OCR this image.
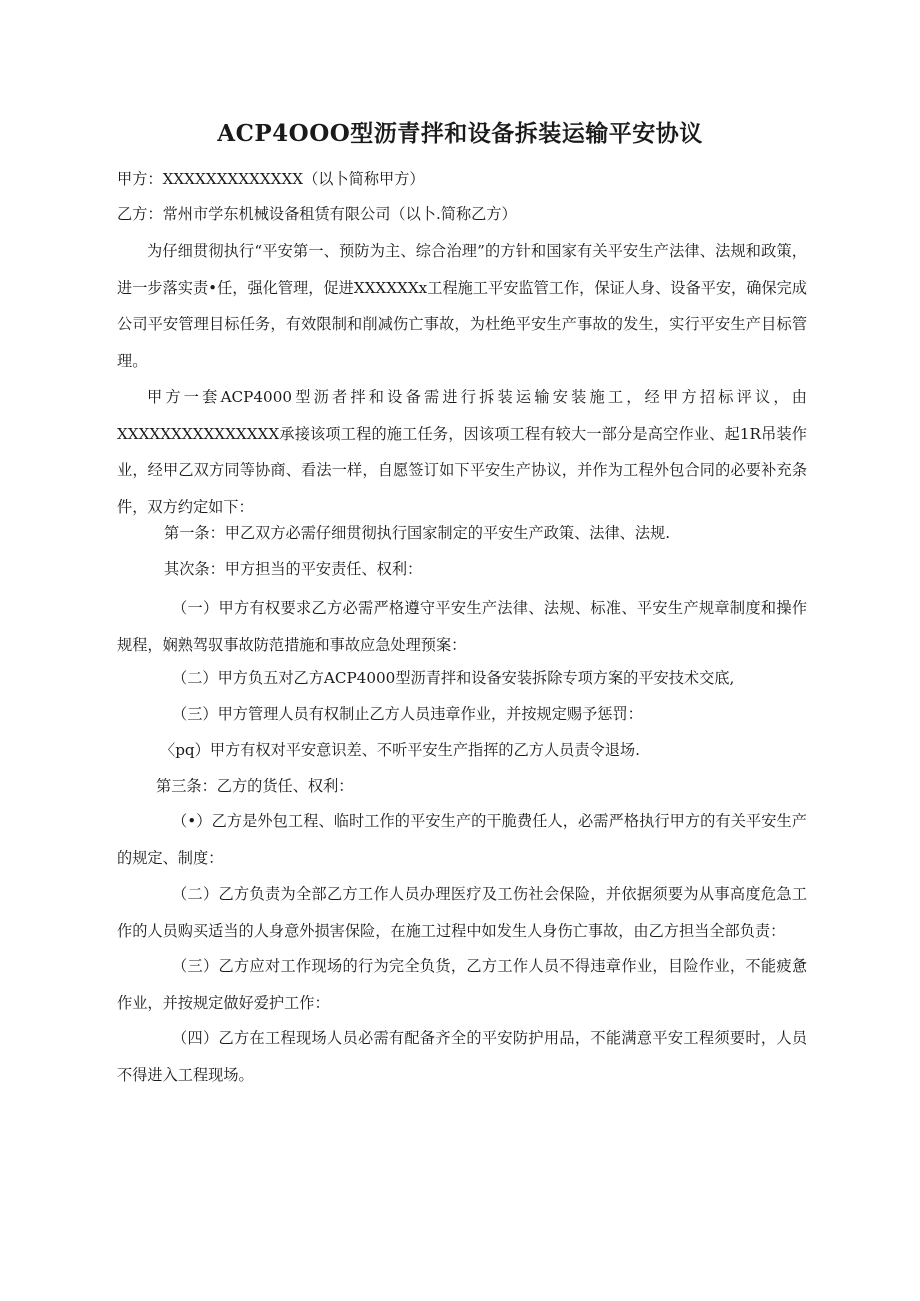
ACP4OOO型沥青拌和设备拆装运输平安协议
甲方：XXXXXXXXXXXXX（以卜简称甲方）
乙方：常州市学东机械设备租赁有限公司（以卜.简称乙方）
为仔细贯彻执行“平安第一、预防为主、综合治理”的方针和国家有关平安生产法律、法规和政策，进一步落实责•任，强化管理，促进XXXXXXx工程施工平安监管工作，保证人身、设备平安，确保完成公司平安管理目标任务，有效限制和削减伤亡事故，为杜绝平安生产事故的发生，实行平安生产目标管理。
甲方一套ACP4000型沥者拌和设备需进行拆装运输安装施工，经甲方招标评议，由XXXXXXXXXXXXXXX承接该项工程的施工任务，因该项工程有较大一部分是高空作业、起1R吊装作业，经甲乙双方同等协商、看法一样，自愿签订如下平安生产协议，并作为工程外包合同的必要补充条件，双方约定如下：
第一条：甲乙双方必需仔细贯彻执行国家制定的平安生产政策、法律、法规.
其次条：甲方担当的平安责任、权利：
（一）甲方有权要求乙方必需严格遵守平安生产法律、法规、标准、平安生产规章制度和操作规程，娴熟驾驭事故防范措施和事故应急处理预案：
（二）甲方负五对乙方ACP4000型沥青拌和设备安装拆除专项方案的平安技术交底,
（三）甲方管理人员有权制止乙方人员违章作业，并按规定赐予惩罚：
〈pq）甲方有权对平安意识差、不听平安生产指挥的乙方人员责令退场.
第三条：乙方的货任、权利：
（•）乙方是外包工程、临时工作的平安生产的干脆费任人，必需严格执行甲方的有关平安生产的规定、制度：
（二）乙方负责为全部乙方工作人员办理医疗及工伤社会保险，并依据须要为从事高度危急工作的人员购买适当的人身意外损害保险，在施工过程中如发生人身伤亡事故，由乙方担当全部负责：
（三）乙方应对工作现场的行为完全负货，乙方工作人员不得违章作业，目险作业，不能疲惫作业，并按规定做好爱护工作：
（四）乙方在工程现场人员必需有配备齐全的平安防护用品，不能满意平安工程须要时，人员不得进入工程现场。
